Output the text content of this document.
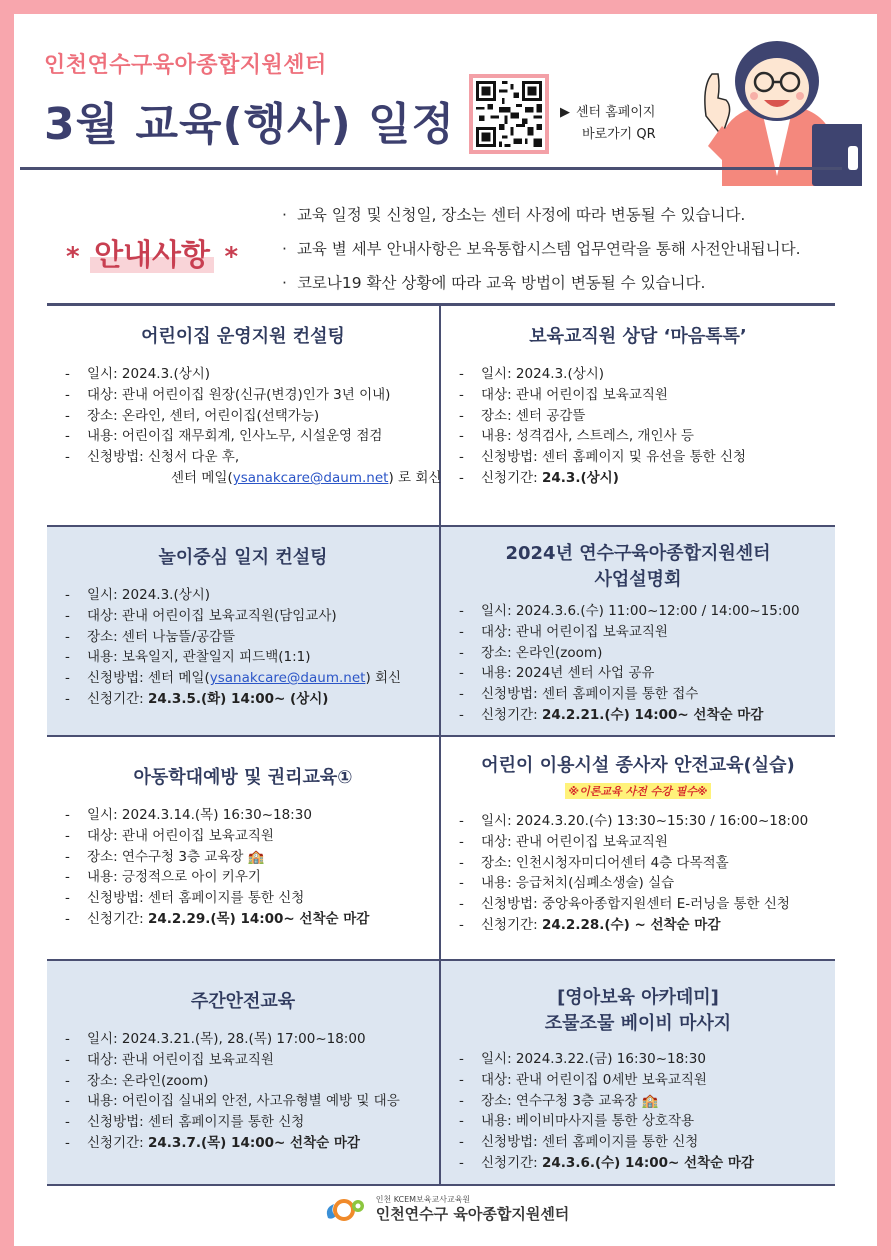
인천연수구육아종합지원센터
3월 교육(행사) 일정	▶ 센터 홈페이지
바로가기 QR
* 안내사항 *
· 교육 일정 및 신청일, 장소는 센터 사정에 따라 변동될 수 있습니다.
· 교육 별 세부 안내사항은 보육통합시스템 업무연락을 통해 사전안내됩니다.
· 코로나19 확산 상황에 따라 교육 방법이 변동될 수 있습니다.
어린이집 운영지원 컨설팅
-	일시: 2024.3.(상시)
-	대상: 관내 어린이집 원장(신규(변경)인가 3년 이내)
-	장소: 온라인, 센터, 어린이집(선택가능)
-	내용: 어린이집 재무회계, 인사노무, 시설운영 점검
-	신청방법: 신청서 다운 후,
센터 메일(ysanakcare@daum.net) 로 회신
보육교직원 상담 ‘마음톡톡’
-	일시: 2024.3.(상시)
-	대상: 관내 어린이집 보육교직원
-	장소: 센터 공감뜰
-	내용: 성격검사, 스트레스, 개인사 등
-	신청방법: 센터 홈페이지 및 유선을 통한 신청
-	신청기간: 24.3.(상시)
놀이중심 일지 컨설팅
-	일시: 2024.3.(상시)
-	대상: 관내 어린이집 보육교직원(담임교사)
-	장소: 센터 나눔뜰/공감뜰
-	내용: 보육일지, 관찰일지 피드백(1:1)
-	신청방법: 센터 메일(ysanakcare@daum.net) 회신
-	신청기간: 24.3.5.(화) 14:00~ (상시)
2024년 연수구육아종합지원센터
사업설명회
-	일시: 2024.3.6.(수) 11:00~12:00 / 14:00~15:00
-	대상: 관내 어린이집 보육교직원
-	장소: 온라인(zoom)
-	내용: 2024년 센터 사업 공유
-	신청방법: 센터 홈페이지를 통한 접수
-	신청기간: 24.2.21.(수) 14:00~ 선착순 마감
아동학대예방 및 권리교육①
-	일시: 2024.3.14.(목) 16:30~18:30
-	대상: 관내 어린이집 보육교직원
-	장소: 연수구청 3층 교육장 🏫
-	내용: 긍정적으로 아이 키우기
-	신청방법: 센터 홈페이지를 통한 신청
-	신청기간: 24.2.29.(목) 14:00~ 선착순 마감
어린이 이용시설 종사자 안전교육(실습)
※이론교육 사전 수강 필수※
-	일시: 2024.3.20.(수) 13:30~15:30 / 16:00~18:00
-	대상: 관내 어린이집 보육교직원
-	장소: 인천시청자미디어센터 4층 다목적홀
-	내용: 응급처치(심폐소생술) 실습
-	신청방법: 중앙육아종합지원센터 E-러닝을 통한 신청
-	신청기간: 24.2.28.(수) ~ 선착순 마감
주간안전교육
-	일시: 2024.3.21.(목), 28.(목) 17:00~18:00
-	대상: 관내 어린이집 보육교직원
-	장소: 온라인(zoom)
-	내용: 어린이집 실내외 안전, 사고유형별 예방 및 대응
-	신청방법: 센터 홈페이지를 통한 신청
-	신청기간: 24.3.7.(목) 14:00~ 선착순 마감
[영아보육 아카데미]
조물조물 베이비 마사지
-	일시: 2024.3.22.(금) 16:30~18:30
-	대상: 관내 어린이집 0세반 보육교직원
-	장소: 연수구청 3층 교육장 🏫
-	내용: 베이비마사지를 통한 상호작용
-	신청방법: 센터 홈페이지를 통한 신청
-	신청기간: 24.3.6.(수) 14:00~ 선착순 마감
인천 KCEM보육교사교육원
인천연수구 육아종합지원센터
